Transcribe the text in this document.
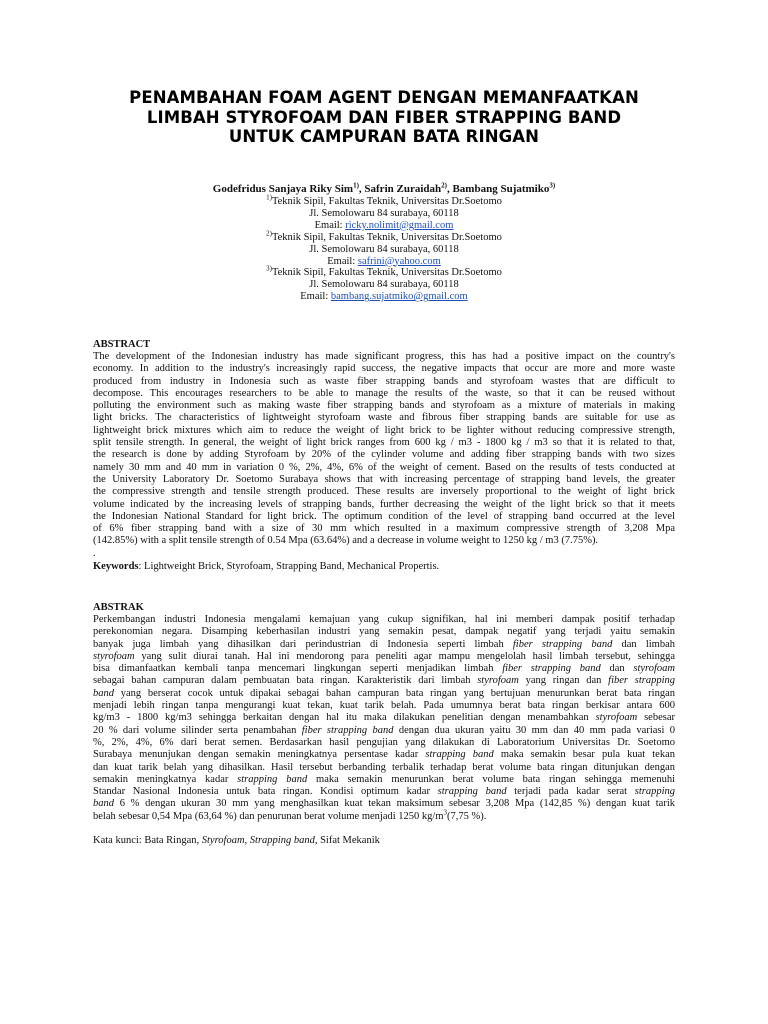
PENAMBAHAN FOAM AGENT DENGAN MEMANFAATKAN
LIMBAH STYROFOAM DAN FIBER STRAPPING BAND
UNTUK CAMPURAN BATA RINGAN
Godefridus Sanjaya Riky Sim$^{1)}$, Safrin Zuraidah$^{2)}$, Bambang Sujatmiko$^{3)}$
$^{1)}$Teknik Sipil, Fakultas Teknik, Universitas Dr.Soetomo
Jl. Semolowaru 84 surabaya, 60118
Email: ricky.nolimit@gmail.com
$^{2)}$Teknik Sipil, Fakultas Teknik, Universitas Dr.Soetomo
Jl. Semolowaru 84 surabaya, 60118
Email: safrini@yahoo.com
$^{3)}$Teknik Sipil, Fakultas Teknik, Universitas Dr.Soetomo
Jl. Semolowaru 84 surabaya, 60118
Email: bambang.sujatmiko@gmail.com
ABSTRACT
The development of the Indonesian industry has made significant progress, this has had a positive impact on the country's
economy. In addition to the industry's increasingly rapid success, the negative impacts that occur are more and more waste
produced from industry in Indonesia such as waste fiber strapping bands and styrofoam wastes that are difficult to
decompose. This encourages researchers to be able to manage the results of the waste, so that it can be reused without
polluting the environment such as making waste fiber strapping bands and styrofoam as a mixture of materials in making
light bricks. The characteristics of lightweight styrofoam waste and fibrous fiber strapping bands are suitable for use as
lightweight brick mixtures which aim to reduce the weight of light brick to be lighter without reducing compressive strength,
split tensile strength. In general, the weight of light brick ranges from 600 kg / m3 - 1800 kg / m3 so that it is related to that,
the research is done by adding Styrofoam by 20% of the cylinder volume and adding fiber strapping bands with two sizes
namely 30 mm and 40 mm in variation 0 %, 2%, 4%, 6% of the weight of cement. Based on the results of tests conducted at
the University Laboratory Dr. Soetomo Surabaya shows that with increasing percentage of strapping band levels, the greater
the compressive strength and tensile strength produced. These results are inversely proportional to the weight of light brick
volume indicated by the increasing levels of strapping bands, further decreasing the weight of the light brick so that it meets
the Indonesian National Standard for light brick. The optimum condition of the level of strapping band occurred at the level
of 6% fiber strapping band with a size of 30 mm which resulted in a maximum compressive strength of 3,208 Mpa
(142.85%) with a split tensile strength of 0.54 Mpa (63.64%) and a decrease in volume weight to 1250 kg / m3 (7.75%).
.
Keywords: Lightweight Brick, Styrofoam, Strapping Band, Mechanical Propertis.
ABSTRAK
Perkembangan industri Indonesia mengalami kemajuan yang cukup signifikan, hal ini memberi dampak positif terhadap
perekonomian negara. Disamping keberhasilan industri yang semakin pesat, dampak negatif yang terjadi yaitu semakin
banyak juga limbah yang dihasilkan dari perindustrian di Indonesia seperti limbah fiber strapping band dan limbah
styrofoam yang sulit diurai tanah. Hal ini mendorong para peneliti agar mampu mengelolah hasil limbah tersebut, sehingga
bisa dimanfaatkan kembali tanpa mencemari lingkungan seperti menjadikan limbah fiber strapping band dan styrofoam
sebagai bahan campuran dalam pembuatan bata ringan. Karakteristik dari limbah styrofoam yang ringan dan fiber strapping
band yang berserat cocok untuk dipakai sebagai bahan campuran bata ringan yang bertujuan menurunkan berat bata ringan
menjadi lebih ringan tanpa mengurangi kuat tekan, kuat tarik belah. Pada umumnya berat bata ringan berkisar antara 600
kg/m3 - 1800 kg/m3 sehingga berkaitan dengan hal itu maka dilakukan penelitian dengan menambahkan styrofoam sebesar
20 % dari volume silinder serta penambahan fiber strapping band dengan dua ukuran yaitu 30 mm dan 40 mm pada variasi 0
%, 2%, 4%, 6% dari berat semen. Berdasarkan hasil pengujian yang dilakukan di Laboratorium Universitas Dr. Soetomo
Surabaya menunjukan dengan semakin meningkatnya persentase kadar strapping band maka semakin besar pula kuat tekan
dan kuat tarik belah yang dihasilkan. Hasil tersebut berbanding terbalik terhadap berat volume bata ringan ditunjukan dengan
semakin meningkatnya kadar strapping band maka semakin menurunkan berat volume bata ringan sehingga memenuhi
Standar Nasional Indonesia untuk bata ringan. Kondisi optimum kadar strapping band terjadi pada kadar serat strapping
band 6 % dengan ukuran 30 mm yang menghasilkan kuat tekan maksimum sebesar 3,208 Mpa (142,85 %) dengan kuat tarik
belah sebesar 0,54 Mpa (63,64 %) dan penurunan berat volume menjadi 1250 $kg/m^3(7,75$ %).
Kata kunci: Bata Ringan, Styrofoam, Strapping band, Sifat Mekanik
